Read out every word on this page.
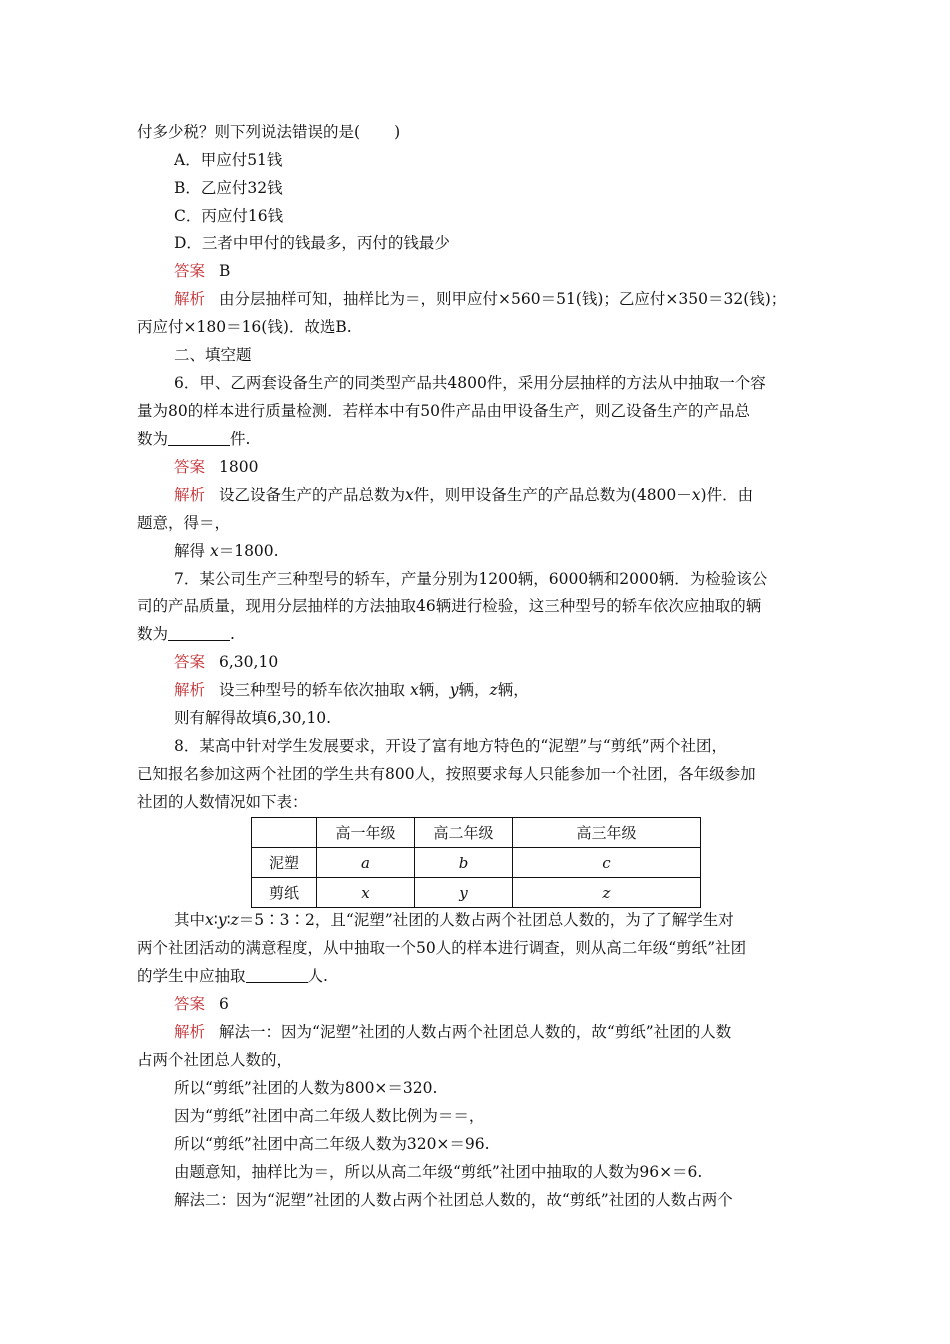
付多少税？则下列说法错误的是( )
A．甲应付51钱
B．乙应付32钱
C．丙应付16钱
D．三者中甲付的钱最多，丙付的钱最少
答案 B
解析 由分层抽样可知，抽样比为＝，则甲应付×560＝51(钱)；乙应付×350＝32(钱)；
丙应付×180＝16(钱)．故选B.
二、填空题
6．甲、乙两套设备生产的同类型产品共4800件，采用分层抽样的方法从中抽取一个容
量为80的样本进行质量检测．若样本中有50件产品由甲设备生产，则乙设备生产的产品总
数为	件.
答案 1800
解析 设乙设备生产的产品总数为x件，则甲设备生产的产品总数为(4800－x)件．由
题意，得＝，
解得 x＝1800.
7．某公司生产三种型号的轿车，产量分别为1200辆，6000辆和2000辆．为检验该公
司的产品质量，现用分层抽样的方法抽取46辆进行检验，这三种型号的轿车依次应抽取的辆
数为	.
答案 6,30,10
解析 设三种型号的轿车依次抽取 x辆，y辆，z辆，
则有解得故填6,30,10.
8．某高中针对学生发展要求，开设了富有地方特色的“泥塑”与“剪纸”两个社团，
已知报名参加这两个社团的学生共有800人，按照要求每人只能参加一个社团，各年级参加
社团的人数情况如下表：
	高一年级	高二年级	高三年级
泥塑	a	b	c
剪纸	x	y	z
其中x∶y∶z＝5∶3∶2，且“泥塑”社团的人数占两个社团总人数的，为了了解学生对
两个社团活动的满意程度，从中抽取一个50人的样本进行调查，则从高二年级“剪纸”社团
的学生中应抽取	人.
答案 6
解析 解法一：因为“泥塑”社团的人数占两个社团总人数的，故“剪纸”社团的人数
占两个社团总人数的，
所以“剪纸”社团的人数为800×＝320.
因为“剪纸”社团中高二年级人数比例为＝＝，
所以“剪纸”社团中高二年级人数为320×＝96.
由题意知，抽样比为＝，所以从高二年级“剪纸”社团中抽取的人数为96×＝6.
解法二：因为“泥塑”社团的人数占两个社团总人数的，故“剪纸”社团的人数占两个
